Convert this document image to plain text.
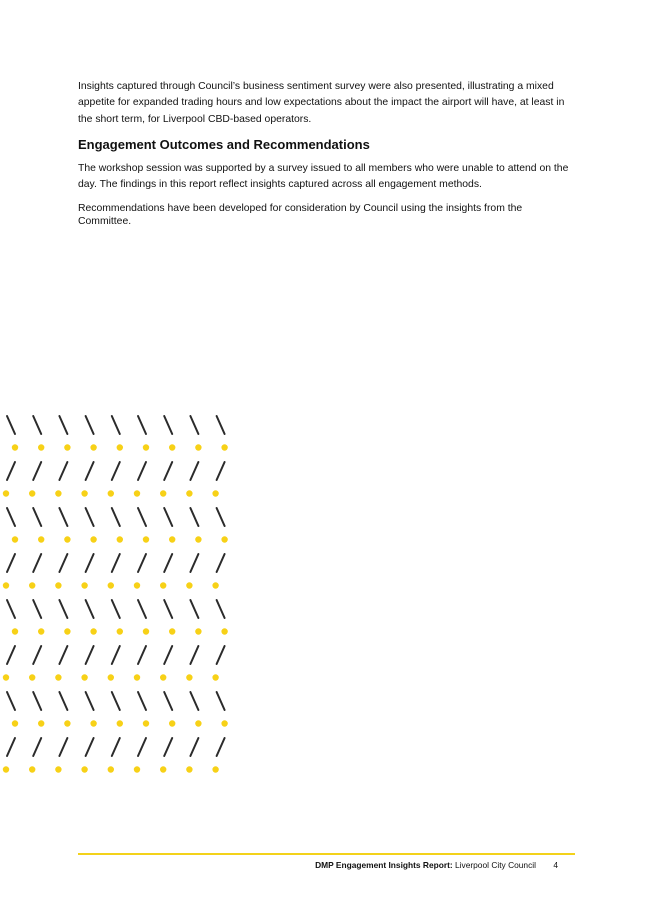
Insights captured through Council’s business sentiment survey were also presented, illustrating a mixed appetite for expanded trading hours and low expectations about the impact the airport will have, at least in the short term, for Liverpool CBD-based operators.

Engagement Outcomes and Recommendations

The workshop session was supported by a survey issued to all members who were unable to attend on the day. The findings in this report reflect insights captured across all engagement methods.

Recommendations have been developed for consideration by Council using the insights from the Committee.

DMP Engagement Insights Report: Liverpool City Council 4
